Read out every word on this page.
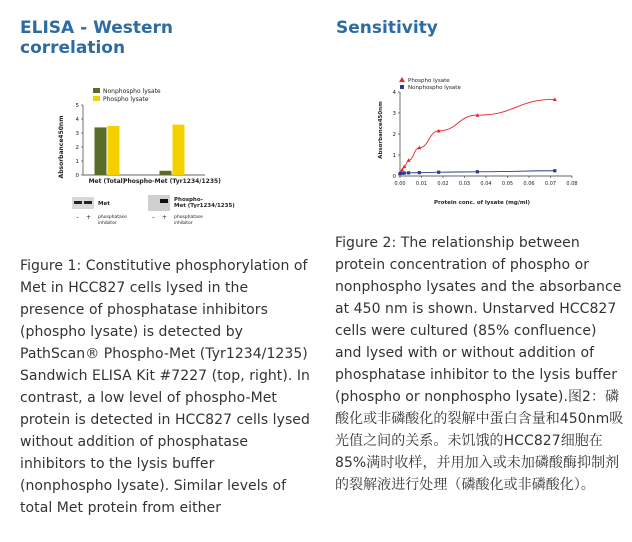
ELISA - Western
correlation
Sensitivity
0
1
2
3
4
5
Nonphospho lysate
Phospho lysate
Absorbance450nm
Met (Total)
Phospho-Met (Tyr1234/1235)
Met
– + phosphatase
inhibitor
Phospho-
Met (Tyr1234/1235)
– + phosphatase
inhibitor
0
1
2
3
4
0.00 0.01 0.02 0.03 0.04 0.05 0.06 0.07 0.08
Phospho lysate
Nonphospho lysate
Absorbance450nm
Protein conc. of lysate (mg/ml)

Figure 1: Constitutive phosphorylation of Met in HCC827 cells lysed in the presence of phosphatase inhibitors (phospho lysate) is detected by PathScan® Phospho-Met (Tyr1234/1235) Sandwich ELISA Kit #7227 (top, right). In contrast, a low level of phospho-Met protein is detected in HCC827 cells lysed without addition of phosphatase inhibitors to the lysis buffer (nonphospho lysate). Similar levels of total Met protein from either

Figure 2: The relationship between protein concentration of phospho or nonphospho lysates and the absorbance at 450 nm is shown. Unstarved HCC827 cells were cultured (85% confluence) and lysed with or without addition of phosphatase inhibitor to the lysis buffer (phospho or nonphospho lysate).图2：磷酸化或非磷酸化的裂解中蛋白含量和450nm吸光值之间的关系。未饥饿的HCC827细胞在85%满时收样，并用加入或未加磷酸酶抑制剂的裂解液进行处理（磷酸化或非磷酸化）。
